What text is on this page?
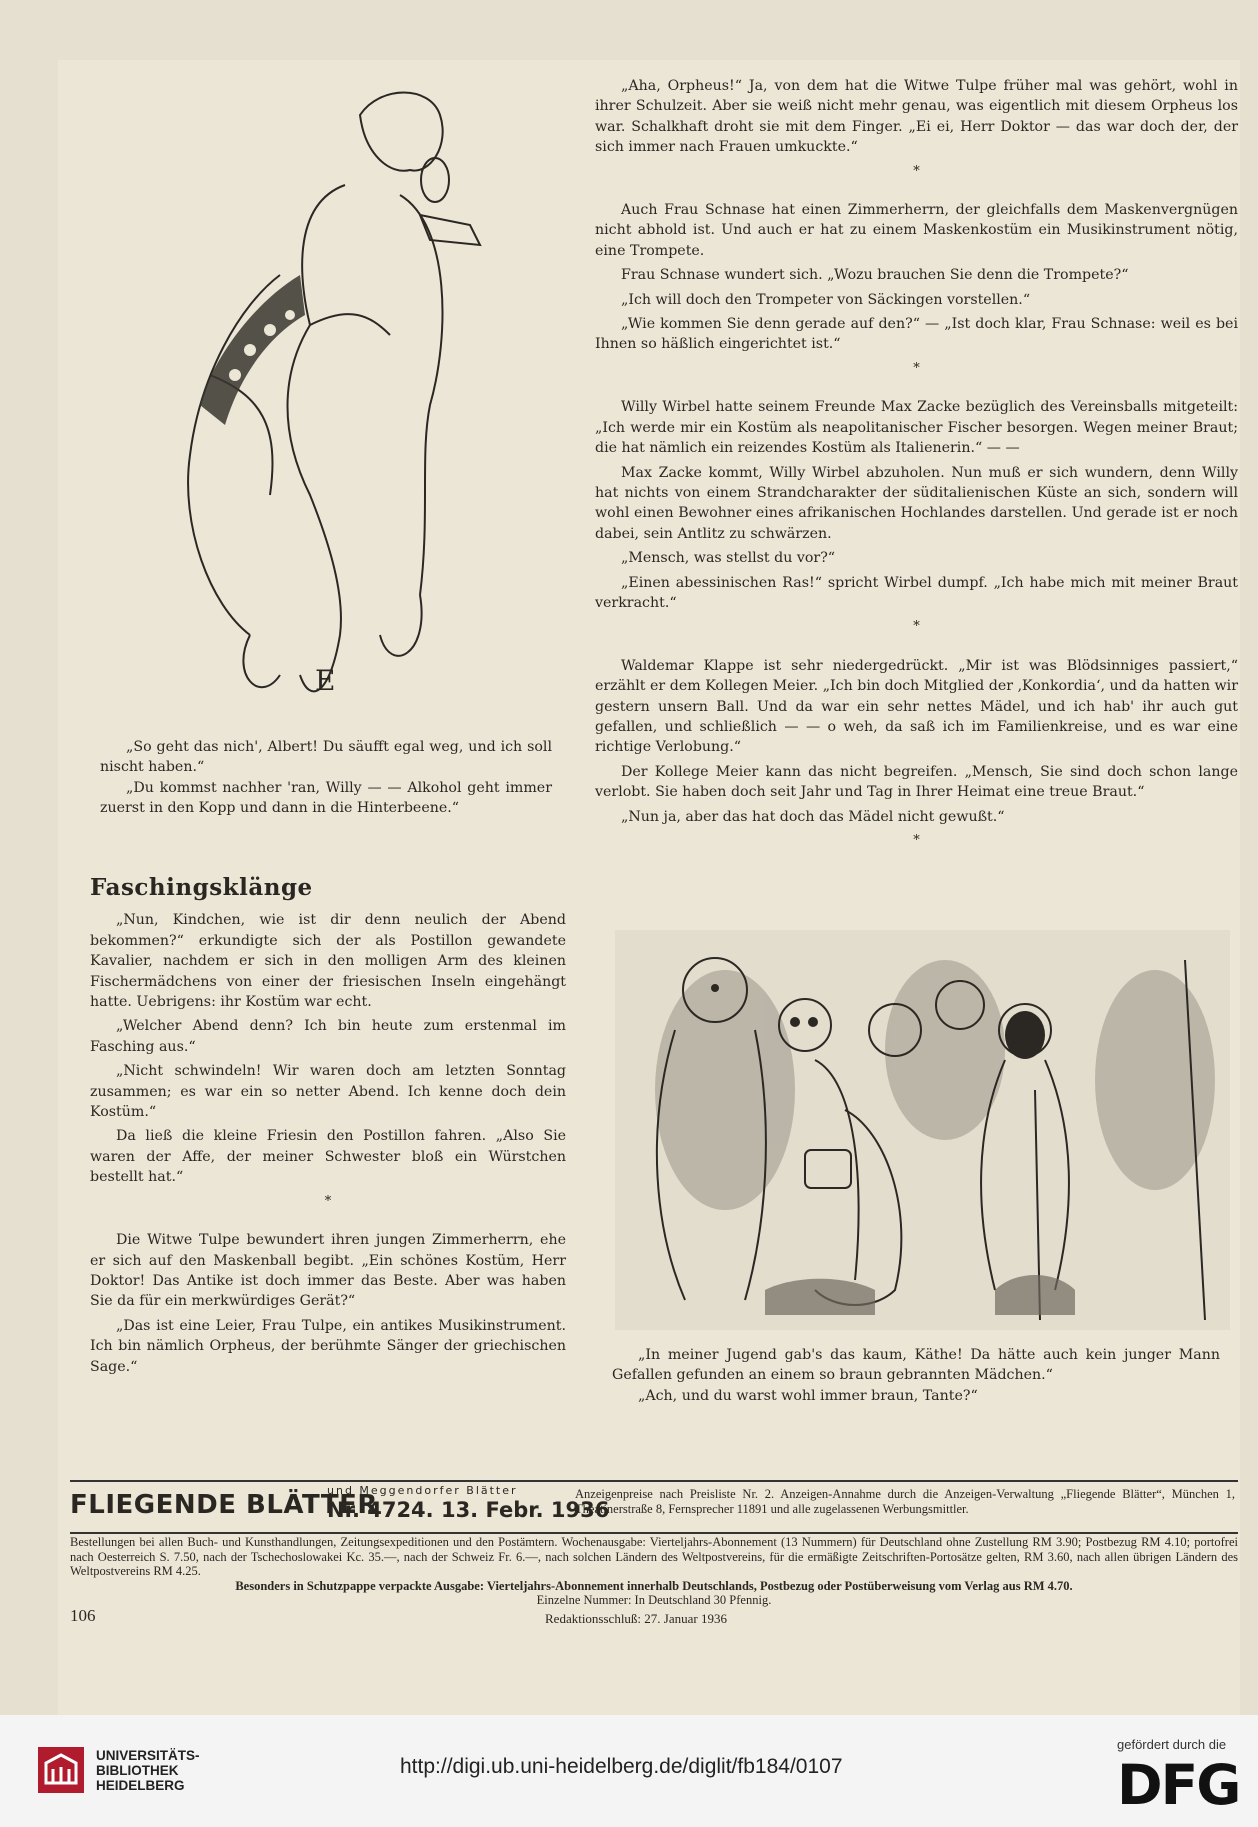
E

„So geht das nich', Albert! Du säufft egal weg, und ich soll nischt haben.“

„Du kommst nachher 'ran, Willy — — Alkohol geht immer zuerst in den Kopp und dann in die Hinterbeene.“

Faschingsklänge

„Nun, Kindchen, wie ist dir denn neulich der Abend bekommen?“ erkundigte sich der als Postillon gewandete Kavalier, nachdem er sich in den molligen Arm des kleinen Fischermädchens von einer der friesischen Inseln eingehängt hatte. Uebrigens: ihr Kostüm war echt.

„Welcher Abend denn? Ich bin heute zum erstenmal im Fasching aus.“

„Nicht schwindeln! Wir waren doch am letzten Sonntag zusammen; es war ein so netter Abend. Ich kenne doch dein Kostüm.“

Da ließ die kleine Friesin den Postillon fahren. „Also Sie waren der Affe, der meiner Schwester bloß ein Würstchen bestellt hat.“

*

Die Witwe Tulpe bewundert ihren jungen Zimmerherrn, ehe er sich auf den Maskenball begibt. „Ein schönes Kostüm, Herr Doktor! Das Antike ist doch immer das Beste. Aber was haben Sie da für ein merkwürdiges Gerät?“

„Das ist eine Leier, Frau Tulpe, ein antikes Musikinstrument. Ich bin nämlich Orpheus, der berühmte Sänger der griechischen Sage.“

„Aha, Orpheus!“ Ja, von dem hat die Witwe Tulpe früher mal was gehört, wohl in ihrer Schulzeit. Aber sie weiß nicht mehr genau, was eigentlich mit diesem Orpheus los war. Schalkhaft droht sie mit dem Finger. „Ei ei, Herr Doktor — das war doch der, der sich immer nach Frauen umkuckte.“

*

Auch Frau Schnase hat einen Zimmerherrn, der gleichfalls dem Maskenvergnügen nicht abhold ist. Und auch er hat zu einem Maskenkostüm ein Musikinstrument nötig, eine Trompete.

Frau Schnase wundert sich. „Wozu brauchen Sie denn die Trompete?“

„Ich will doch den Trompeter von Säckingen vorstellen.“

„Wie kommen Sie denn gerade auf den?“ — „Ist doch klar, Frau Schnase: weil es bei Ihnen so häßlich eingerichtet ist.“

*

Willy Wirbel hatte seinem Freunde Max Zacke bezüglich des Vereinsballs mitgeteilt: „Ich werde mir ein Kostüm als neapolitanischer Fischer besorgen. Wegen meiner Braut; die hat nämlich ein reizendes Kostüm als Italienerin.“ — —

Max Zacke kommt, Willy Wirbel abzuholen. Nun muß er sich wundern, denn Willy hat nichts von einem Strandcharakter der süditalienischen Küste an sich, sondern will wohl einen Bewohner eines afrikanischen Hochlandes darstellen. Und gerade ist er noch dabei, sein Antlitz zu schwärzen.

„Mensch, was stellst du vor?“

„Einen abessinischen Ras!“ spricht Wirbel dumpf. „Ich habe mich mit meiner Braut verkracht.“

*

Waldemar Klappe ist sehr niedergedrückt. „Mir ist was Blödsinniges passiert,“ erzählt er dem Kollegen Meier. „Ich bin doch Mitglied der ‚Konkordia‘, und da hatten wir gestern unsern Ball. Und da war ein sehr nettes Mädel, und ich hab' ihr auch gut gefallen, und schließlich — — o weh, da saß ich im Familienkreise, und es war eine richtige Verlobung.“

Der Kollege Meier kann das nicht begreifen. „Mensch, Sie sind doch schon lange verlobt. Sie haben doch seit Jahr und Tag in Ihrer Heimat eine treue Braut.“

„Nun ja, aber das hat doch das Mädel nicht gewußt.“

*

„In meiner Jugend gab's das kaum, Käthe! Da hätte auch kein junger Mann Gefallen gefunden an einem so braun gebrannten Mädchen.“

„Ach, und du warst wohl immer braun, Tante?“

FLIEGENDE BLÄTTER
und Meggendorfer Blätter
Nr. 4724. 13. Febr. 1936
Anzeigenpreise nach Preisliste Nr. 2. Anzeigen-Annahme durch die Anzeigen-Verwaltung „Fliegende Blätter“, München 1, Theatinerstraße 8, Fernsprecher 11891 und alle zugelassenen Werbungsmittler.
Bestellungen bei allen Buch- und Kunsthandlungen, Zeitungsexpeditionen und den Postämtern. Wochenausgabe: Vierteljahrs-Abonnement (13 Nummern) für Deutschland ohne Zustellung RM 3.90; Postbezug RM 4.10; portofrei nach Oesterreich S. 7.50, nach der Tschechoslowakei Kc. 35.—, nach der Schweiz Fr. 6.—, nach solchen Ländern des Weltpostvereins, für die ermäßigte Zeitschriften-Portosätze gelten, RM 3.60, nach allen übrigen Ländern des Weltpostvereins RM 4.25.
Besonders in Schutzpappe verpackte Ausgabe: Vierteljahrs-Abonnement innerhalb Deutschlands, Postbezug oder Postüberweisung vom Verlag aus RM 4.70.
Einzelne Nummer: In Deutschland 30 Pfennig.
106	Redaktionsschluß: 27. Januar 1936
UNIVERSITÄTS-
BIBLIOTHEK
HEIDELBERG
http://digi.ub.uni-heidelberg.de/diglit/fb184/0107
gefördert durch die
DFG
